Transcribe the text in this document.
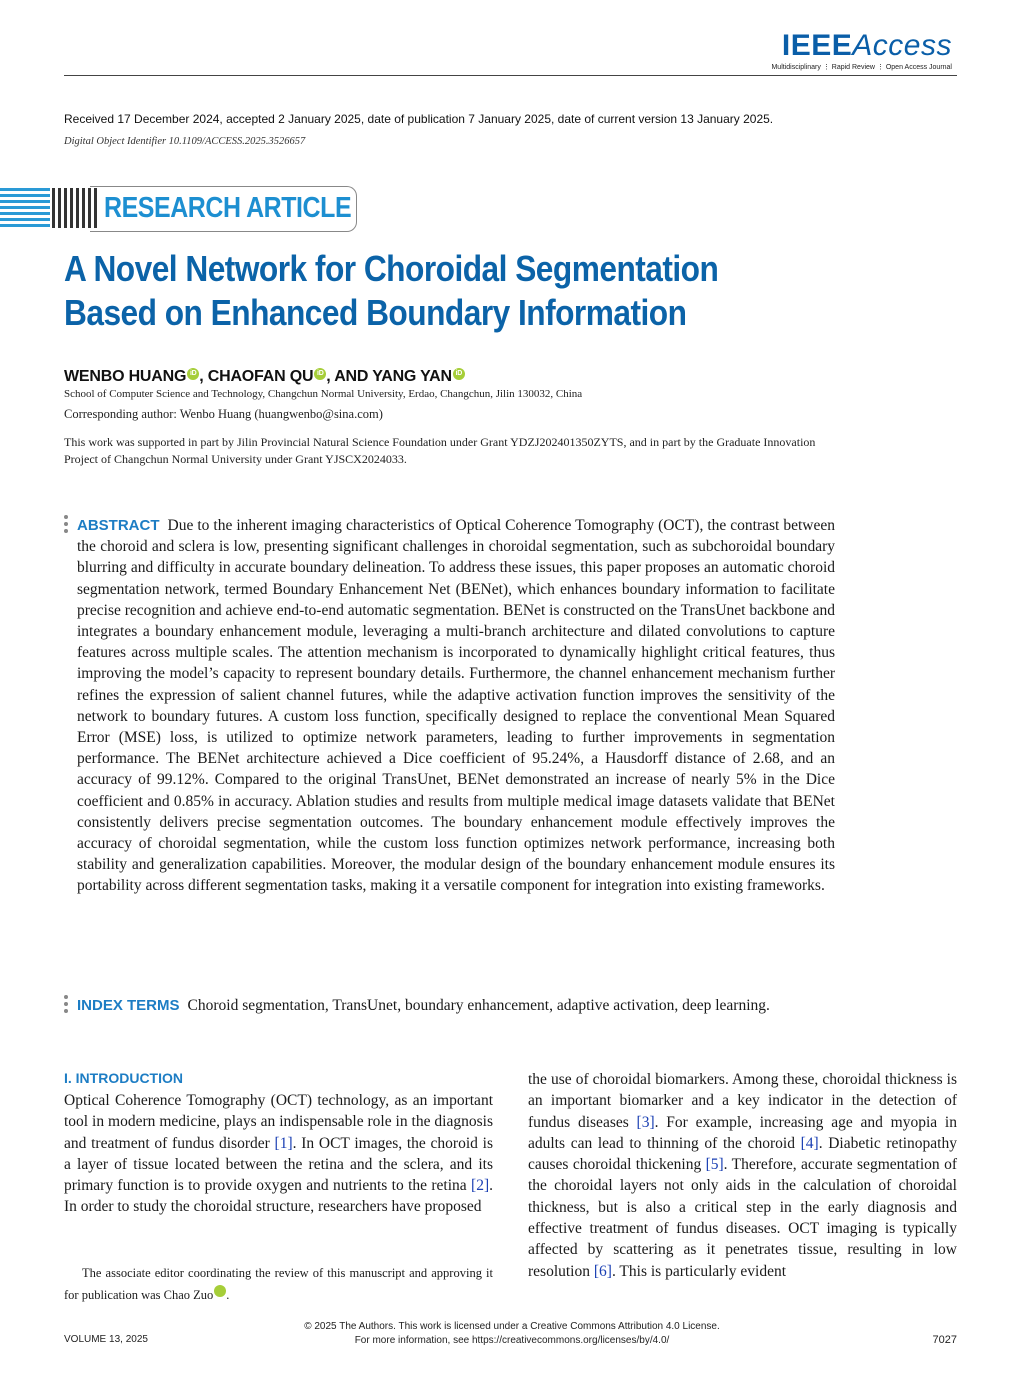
IEEEAccess
Multidisciplinary ⋮ Rapid Review ⋮ Open Access Journal
Received 17 December 2024, accepted 2 January 2025, date of publication 7 January 2025, date of current version 13 January 2025.
Digital Object Identifier 10.1109/ACCESS.2025.3526657
RESEARCH ARTICLE
A Novel Network for Choroidal Segmentation
Based on Enhanced Boundary Information
WENBO HUANG iD , CHAOFAN QU iD , AND YANG YAN iD
School of Computer Science and Technology, Changchun Normal University, Erdao, Changchun, Jilin 130032, China
Corresponding author: Wenbo Huang (huangwenbo@sina.com)
This work was supported in part by Jilin Provincial Natural Science Foundation under Grant YDZJ202401350ZYTS, and in part by the Graduate Innovation Project of Changchun Normal University under Grant YJSCX2024033.
ABSTRACT Due to the inherent imaging characteristics of Optical Coherence Tomography (OCT), the contrast between the choroid and sclera is low, presenting significant challenges in choroidal segmentation, such as subchoroidal boundary blurring and difficulty in accurate boundary delineation. To address these issues, this paper proposes an automatic choroid segmentation network, termed Boundary Enhancement Net (BENet), which enhances boundary information to facilitate precise recognition and achieve end-to-end automatic segmentation. BENet is constructed on the TransUnet backbone and integrates a boundary enhancement module, leveraging a multi-branch architecture and dilated convolutions to capture features across multiple scales. The attention mechanism is incorporated to dynamically highlight critical features, thus improving the model’s capacity to represent boundary details. Furthermore, the channel enhancement mechanism further refines the expression of salient channel futures, while the adaptive activation function improves the sensitivity of the network to boundary futures. A custom loss function, specifically designed to replace the conventional Mean Squared Error (MSE) loss, is utilized to optimize network parameters, leading to further improvements in segmentation performance. The BENet architecture achieved a Dice coefficient of 95.24%, a Hausdorff distance of 2.68, and an accuracy of 99.12%. Compared to the original TransUnet, BENet demonstrated an increase of nearly 5% in the Dice coefficient and 0.85% in accuracy. Ablation studies and results from multiple medical image datasets validate that BENet consistently delivers precise segmentation outcomes. The boundary enhancement module effectively improves the accuracy of choroidal segmentation, while the custom loss function optimizes network performance, increasing both stability and generalization capabilities. Moreover, the modular design of the boundary enhancement module ensures its portability across different segmentation tasks, making it a versatile component for integration into existing frameworks.
INDEX TERMS Choroid segmentation, TransUnet, boundary enhancement, adaptive activation, deep learning.
I. INTRODUCTION
Optical Coherence Tomography (OCT) technology, as an important tool in modern medicine, plays an indispensable role in the diagnosis and treatment of fundus disorder [1]. In OCT images, the choroid is a layer of tissue located between the retina and the sclera, and its primary function is to provide oxygen and nutrients to the retina [2]. In order to study the choroidal structure, researchers have proposed
the use of choroidal biomarkers. Among these, choroidal thickness is an important biomarker and a key indicator in the detection of fundus diseases [3]. For example, increasing age and myopia in adults can lead to thinning of the choroid [4]. Diabetic retinopathy causes choroidal thickening [5]. Therefore, accurate segmentation of the choroidal layers not only aids in the calculation of choroidal thickness, but is also a critical step in the early diagnosis and effective treatment of fundus diseases. OCT imaging is typically affected by scattering as it penetrates tissue, resulting in low resolution [6]. This is particularly evident
The associate editor coordinating the review of this manuscript and approving it for publication was Chao Zuo	iD.
© 2025 The Authors. This work is licensed under a Creative Commons Attribution 4.0 License.
For more information, see https://creativecommons.org/licenses/by/4.0/
VOLUME 13, 2025	7027
